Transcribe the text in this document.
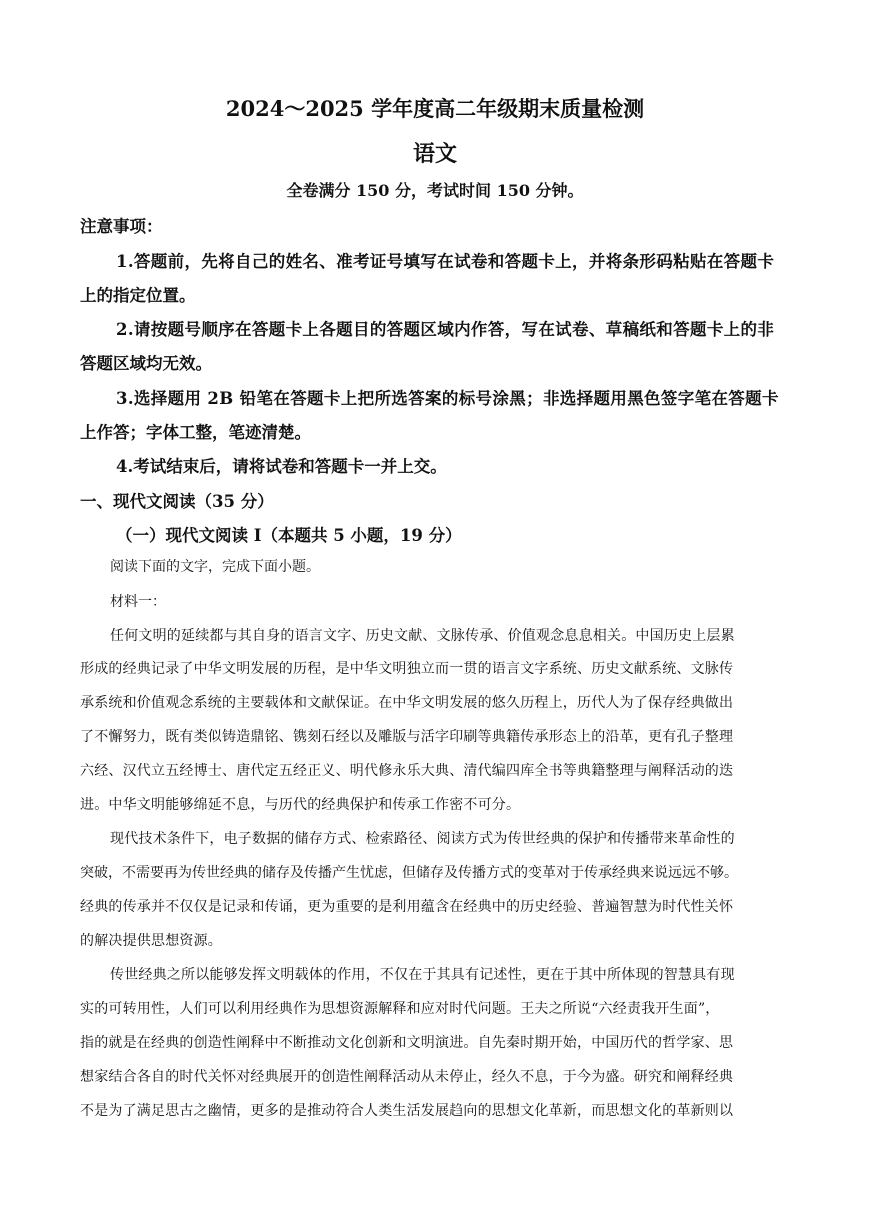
2024～2025 学年度高二年级期末质量检测
语文
全卷满分 150 分，考试时间 150 分钟。
注意事项：
1.答题前，先将自己的姓名、准考证号填写在试卷和答题卡上，并将条形码粘贴在答题卡
上的指定位置。
2.请按题号顺序在答题卡上各题目的答题区域内作答，写在试卷、草稿纸和答题卡上的非
答题区域均无效。
3.选择题用 2B 铅笔在答题卡上把所选答案的标号涂黑；非选择题用黑色签字笔在答题卡
上作答；字体工整，笔迹清楚。
4.考试结束后，请将试卷和答题卡一并上交。
一、现代文阅读（35 分）
（一）现代文阅读 I（本题共 5 小题，19 分）
阅读下面的文字，完成下面小题。
材料一：
任何文明的延续都与其自身的语言文字、历史文献、文脉传承、价值观念息息相关。中国历史上层累
形成的经典记录了中华文明发展的历程，是中华文明独立而一贯的语言文字系统、历史文献系统、文脉传
承系统和价值观念系统的主要载体和文献保证。在中华文明发展的悠久历程上，历代人为了保存经典做出
了不懈努力，既有类似铸造鼎铭、镌刻石经以及雕版与活字印刷等典籍传承形态上的沿革，更有孔子整理
六经、汉代立五经博士、唐代定五经正义、明代修永乐大典、清代编四库全书等典籍整理与阐释活动的迭
进。中华文明能够绵延不息，与历代的经典保护和传承工作密不可分。
现代技术条件下，电子数据的储存方式、检索路径、阅读方式为传世经典的保护和传播带来革命性的
突破，不需要再为传世经典的储存及传播产生忧虑，但储存及传播方式的变革对于传承经典来说远远不够。
经典的传承并不仅仅是记录和传诵，更为重要的是利用蕴含在经典中的历史经验、普遍智慧为时代性关怀
的解决提供思想资源。
传世经典之所以能够发挥文明载体的作用，不仅在于其具有记述性，更在于其中所体现的智慧具有现
实的可转用性，人们可以利用经典作为思想资源解释和应对时代问题。王夫之所说“六经责我开生面”，
指的就是在经典的创造性阐释中不断推动文化创新和文明演进。自先秦时期开始，中国历代的哲学家、思
想家结合各自的时代关怀对经典展开的创造性阐释活动从未停止，经久不息，于今为盛。研究和阐释经典
不是为了满足思古之幽情，更多的是推动符合人类生活发展趋向的思想文化革新，而思想文化的革新则以
